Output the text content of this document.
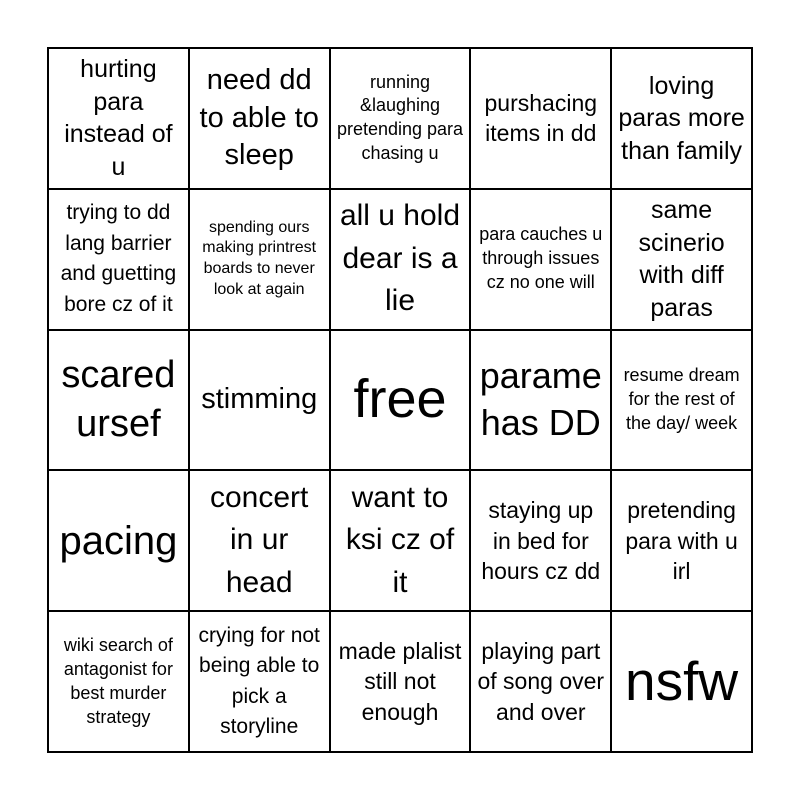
hurting para instead of u
need dd to able to sleep
running &laughing pretending para chasing u
purshacing items in dd
loving paras more than family
trying to dd lang barrier and guetting bore cz of it
spending ours making printrest boards to never look at again
all u hold dear is a lie
para cauches u through issues cz no one will
same scinerio with diff paras
scared ursef
stimming free parame has DD
resume dream for the rest of the day/ week
pacing
concert in ur head
want to ksi cz of it
staying up in bed for hours cz dd
pretending para with u irl
wiki search of antagonist for best murder strategy
crying for not being able to pick a storyline
made plalist still not enough
playing part of song over and over nsfw
